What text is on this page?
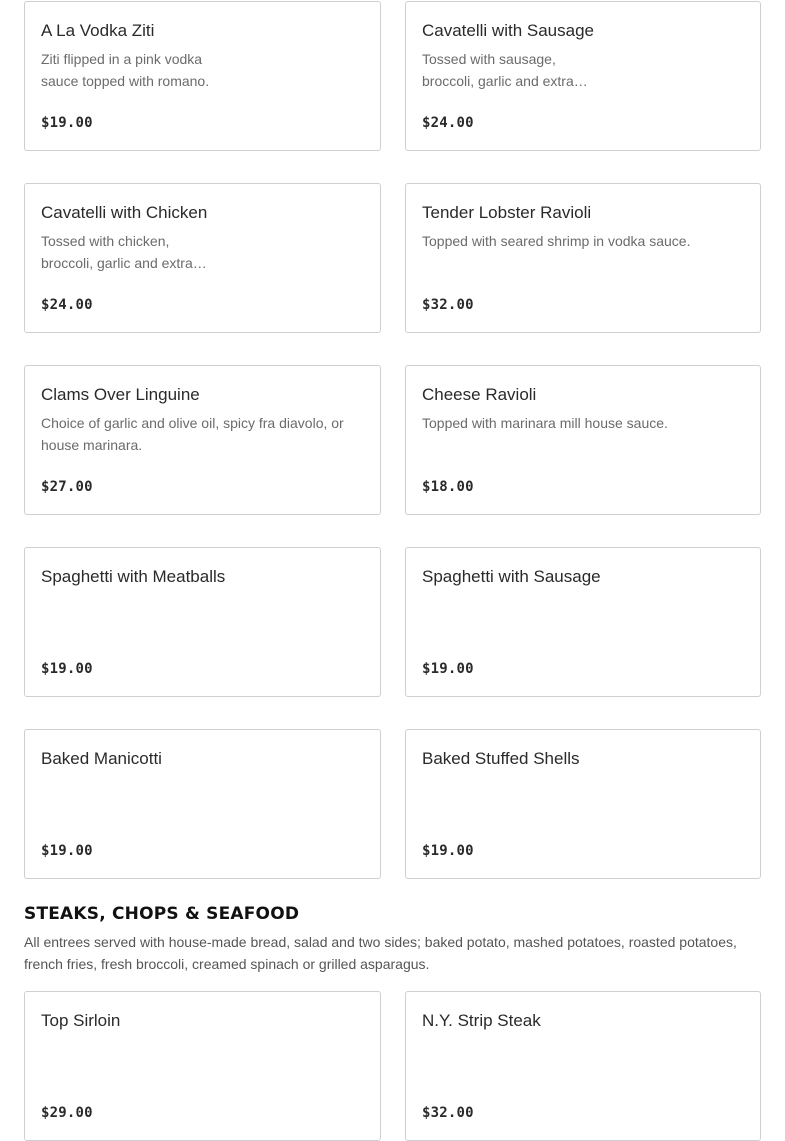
A La Vodka Ziti
Ziti flipped in a pink vodka sauce topped with romano.
$19.00
Cavatelli with Sausage
Tossed with sausage, broccoli, garlic and extra…
$24.00
Cavatelli with Chicken
Tossed with chicken, broccoli, garlic and extra…
$24.00
Tender Lobster Ravioli
Topped with seared shrimp in vodka sauce.
$32.00
Clams Over Linguine
Choice of garlic and olive oil, spicy fra diavolo, or house marinara.
$27.00
Cheese Ravioli
Topped with marinara mill house sauce.
$18.00
Spaghetti with Meatballs
$19.00
Spaghetti with Sausage
$19.00
Baked Manicotti
$19.00
Baked Stuffed Shells
$19.00
STEAKS, CHOPS & SEAFOOD

All entrees served with house-made bread, salad and two sides; baked potato, mashed potatoes, roasted potatoes, french fries, fresh broccoli, creamed spinach or grilled asparagus.

Top Sirloin
$29.00
N.Y. Strip Steak
$32.00
